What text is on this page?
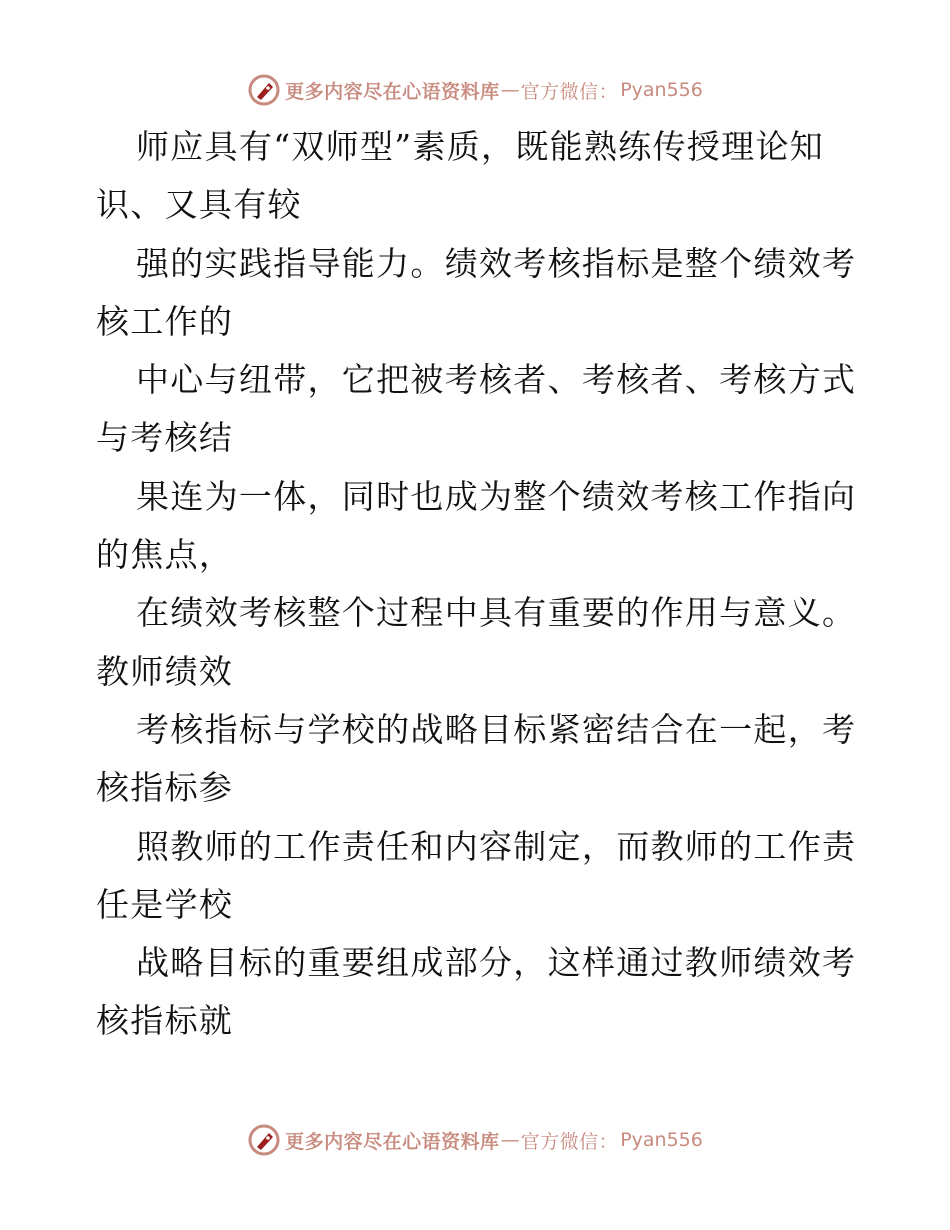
更多内容尽在心语资料库 — 官方微信： Pyan556
师应具有“双师型”素质，既能熟练传授理论知
识、又具有较
强的实践指导能力。绩效考核指标是整个绩效考
核工作的
中心与纽带，它把被考核者、考核者、考核方式
与考核结
果连为一体，同时也成为整个绩效考核工作指向
的焦点，
在绩效考核整个过程中具有重要的作用与意义。
教师绩效
考核指标与学校的战略目标紧密结合在一起，考
核指标参
照教师的工作责任和内容制定，而教师的工作责
任是学校
战略目标的重要组成部分，这样通过教师绩效考
核指标就
更多内容尽在心语资料库 — 官方微信： Pyan556
